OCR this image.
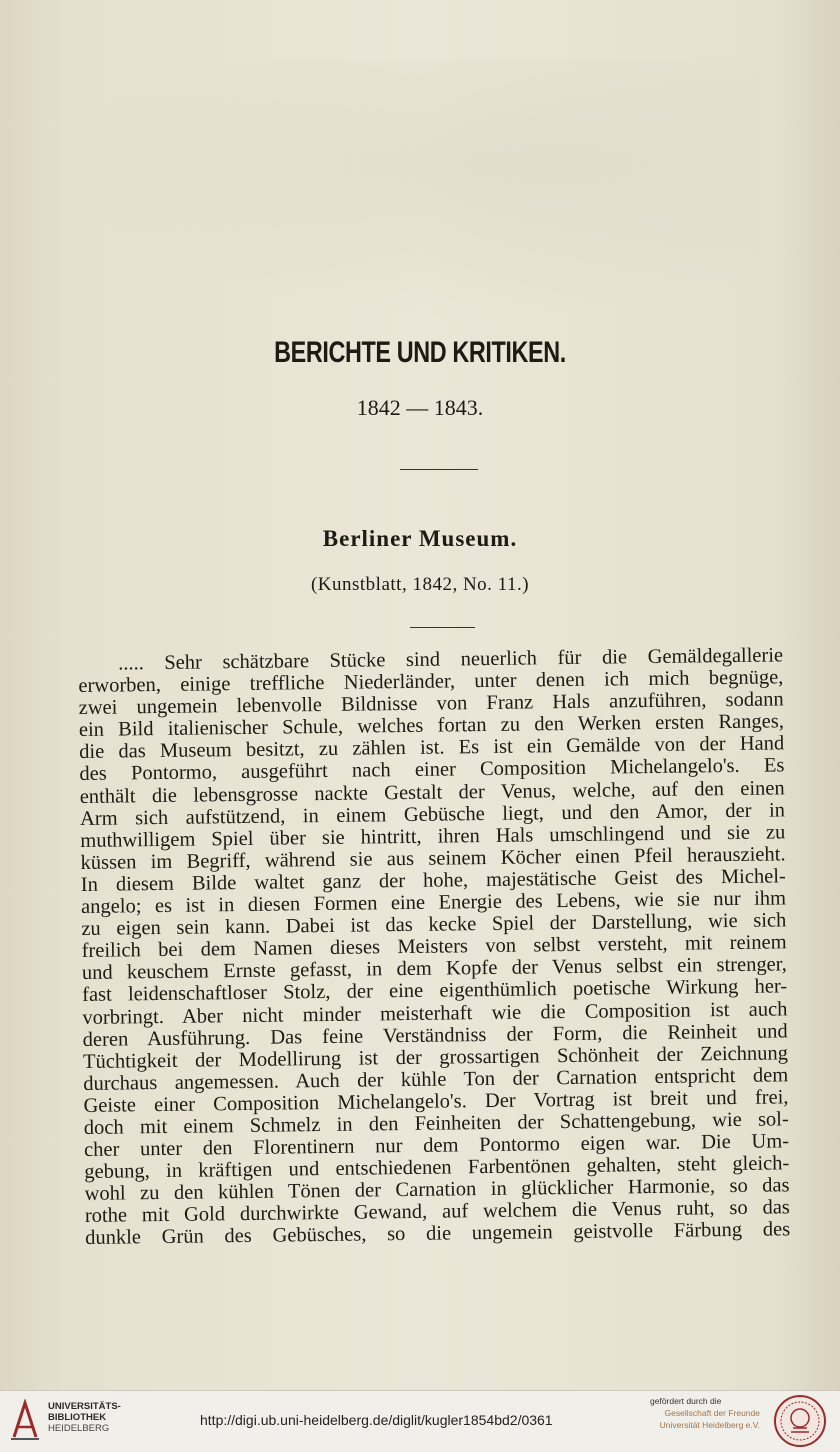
BERICHTE UND KRITIKEN.
1842 — 1843.
Berliner Museum.
(Kunstblatt, 1842, No. 11.)
..... Sehr schätzbare Stücke sind neuerlich für die Gemäldegallerie
erworben, einige treffliche Niederländer, unter denen ich mich begnüge,
zwei ungemein lebenvolle Bildnisse von Franz Hals anzuführen, sodann
ein Bild italienischer Schule, welches fortan zu den Werken ersten Ranges,
die das Museum besitzt, zu zählen ist. Es ist ein Gemälde von der Hand
des Pontormo, ausgeführt nach einer Composition Michelangelo's. Es
enthält die lebensgrosse nackte Gestalt der Venus, welche, auf den einen
Arm sich aufstützend, in einem Gebüsche liegt, und den Amor, der in
muthwilligem Spiel über sie hintritt, ihren Hals umschlingend und sie zu
küssen im Begriff, während sie aus seinem Köcher einen Pfeil herauszieht.
In diesem Bilde waltet ganz der hohe, majestätische Geist des Michel-
angelo; es ist in diesen Formen eine Energie des Lebens, wie sie nur ihm
zu eigen sein kann. Dabei ist das kecke Spiel der Darstellung, wie sich
freilich bei dem Namen dieses Meisters von selbst versteht, mit reinem
und keuschem Ernste gefasst, in dem Kopfe der Venus selbst ein strenger,
fast leidenschaftloser Stolz, der eine eigenthümlich poetische Wirkung her-
vorbringt. Aber nicht minder meisterhaft wie die Composition ist auch
deren Ausführung. Das feine Verständniss der Form, die Reinheit und
Tüchtigkeit der Modellirung ist der grossartigen Schönheit der Zeichnung
durchaus angemessen. Auch der kühle Ton der Carnation entspricht dem
Geiste einer Composition Michelangelo's. Der Vortrag ist breit und frei,
doch mit einem Schmelz in den Feinheiten der Schattengebung, wie sol-
cher unter den Florentinern nur dem Pontormo eigen war. Die Um-
gebung, in kräftigen und entschiedenen Farbentönen gehalten, steht gleich-
wohl zu den kühlen Tönen der Carnation in glücklicher Harmonie, so das
rothe mit Gold durchwirkte Gewand, auf welchem die Venus ruht, so das
dunkle Grün des Gebüsches, so die ungemein geistvolle Färbung des
UNIVERSITÄTS-
BIBLIOTHEK
HEIDELBERG
http://digi.ub.uni-heidelberg.de/diglit/kugler1854bd2/0361
gefördert durch die
Gesellschaft der Freunde
Universität Heidelberg e.V.
